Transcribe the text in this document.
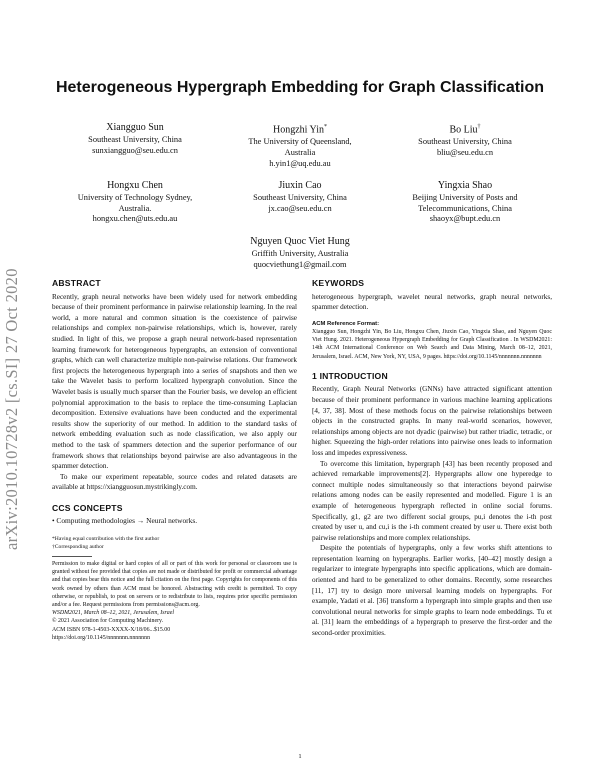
arXiv:2010.10728v2 [cs.SI] 27 Oct 2020
Heterogeneous Hypergraph Embedding for Graph Classification
Xiangguo Sun
Southeast University, China
sunxiangguo@seu.edu.cn
Hongzhi Yin*
The University of Queensland,
Australia
h.yin1@uq.edu.au
Bo Liu†
Southeast University, China
bliu@seu.edu.cn
Hongxu Chen
University of Technology Sydney,
Australia.
hongxu.chen@uts.edu.au
Jiuxin Cao
Southeast University, China
jx.cao@seu.edu.cn
Yingxia Shao
Beijing University of Posts and
Telecommunications, China
shaoyx@bupt.edu.cn
Nguyen Quoc Viet Hung
Griffith University, Australia
quocviethung1@gmail.com
ABSTRACT

Recently, graph neural networks have been widely used for network embedding because of their prominent performance in pairwise relationship learning. In the real world, a more natural and common situation is the coexistence of pairwise relationships and complex non-pairwise relationships, which is, however, rarely studied. In light of this, we propose a graph neural network-based representation learning framework for heterogeneous hypergraphs, an extension of conventional graphs, which can well characterize multiple non-pairwise relations. Our framework first projects the heterogeneous hypergraph into a series of snapshots and then we take the Wavelet basis to perform localized hypergraph convolution. Since the Wavelet basis is usually much sparser than the Fourier basis, we develop an efficient polynomial approximation to the basis to replace the time-consuming Laplacian decomposition. Extensive evaluations have been conducted and the experimental results show the superiority of our method. In addition to the standard tasks of network embedding evaluation such as node classification, we also apply our method to the task of spammers detection and the superior performance of our framework shows that relationships beyond pairwise are also advantageous in the spammer detection.

To make our experiment repeatable, source codes and related datasets are available at https://xiangguosun.mystrikingly.com.

CCS CONCEPTS
• Computing methodologies → Neural networks.
*Having equal contribution with the first author
†Corresponding author
Permission to make digital or hard copies of all or part of this work for personal or classroom use is granted without fee provided that copies are not made or distributed for profit or commercial advantage and that copies bear this notice and the full citation on the first page. Copyrights for components of this work owned by others than ACM must be honored. Abstracting with credit is permitted. To copy otherwise, or republish, to post on servers or to redistribute to lists, requires prior specific permission and/or a fee. Request permissions from permissions@acm.org.
WSDM2021, March 08–12, 2021, Jerusalem, Israel
© 2021 Association for Computing Machinery.
ACM ISBN 978-1-4503-XXXX-X/18/06...$15.00
https://doi.org/10.1145/nnnnnnn.nnnnnnn
KEYWORDS

heterogeneous hypergraph, wavelet neural networks, graph neural networks, spammer detection.

ACM Reference Format:
Xiangguo Sun, Hongzhi Yin, Bo Liu, Hongxu Chen, Jiuxin Cao, Yingxia Shao, and Nguyen Quoc Viet Hung. 2021. Heterogeneous Hypergraph Embedding for Graph Classification . In WSDM2021: 14th ACM International Conference on Web Search and Data Mining, March 08–12, 2021, Jerusalem, Israel. ACM, New York, NY, USA, 9 pages. https://doi.org/10.1145/nnnnnnn.nnnnnnn
1 INTRODUCTION

Recently, Graph Neural Networks (GNNs) have attracted significant attention because of their prominent performance in various machine learning applications [4, 37, 38]. Most of these methods focus on the pairwise relationships between objects in the constructed graphs. In many real-world scenarios, however, relationships among objects are not dyadic (pairwise) but rather triadic, tetradic, or higher. Squeezing the high-order relations into pairwise ones leads to information loss and impedes expressiveness.

To overcome this limitation, hypergraph [43] has been recently proposed and achieved remarkable improvements[2]. Hypergraphs allow one hyperedge to connect multiple nodes simultaneously so that interactions beyond pairwise relations among nodes can be easily represented and modelled. Figure 1 is an example of heterogeneous hypergraph reflected in online social forums. Specifically, g1, g2 are two different social groups, pu,i denotes the i-th post created by user u, and cu,i is the i-th comment created by user u. There exist both pairwise relationships and more complex relationships.

Despite the potentials of hypergraphs, only a few works shift attentions to representation learning on hypergraphs. Earlier works, [40–42] mostly design a regularizer to integrate hypergraphs into specific applications, which are domain-oriented and hard to be generalized to other domains. Recently, some researches [11, 17] try to design more universal learning models on hypergraphs. For example, Yadati et al. [36] transform a hypergraph into simple graphs and then use convolutional neural networks for simple graphs to learn node embeddings. Tu et al. [31] learn the embeddings of a hypergraph to preserve the first-order and the second-order proximities.

1
